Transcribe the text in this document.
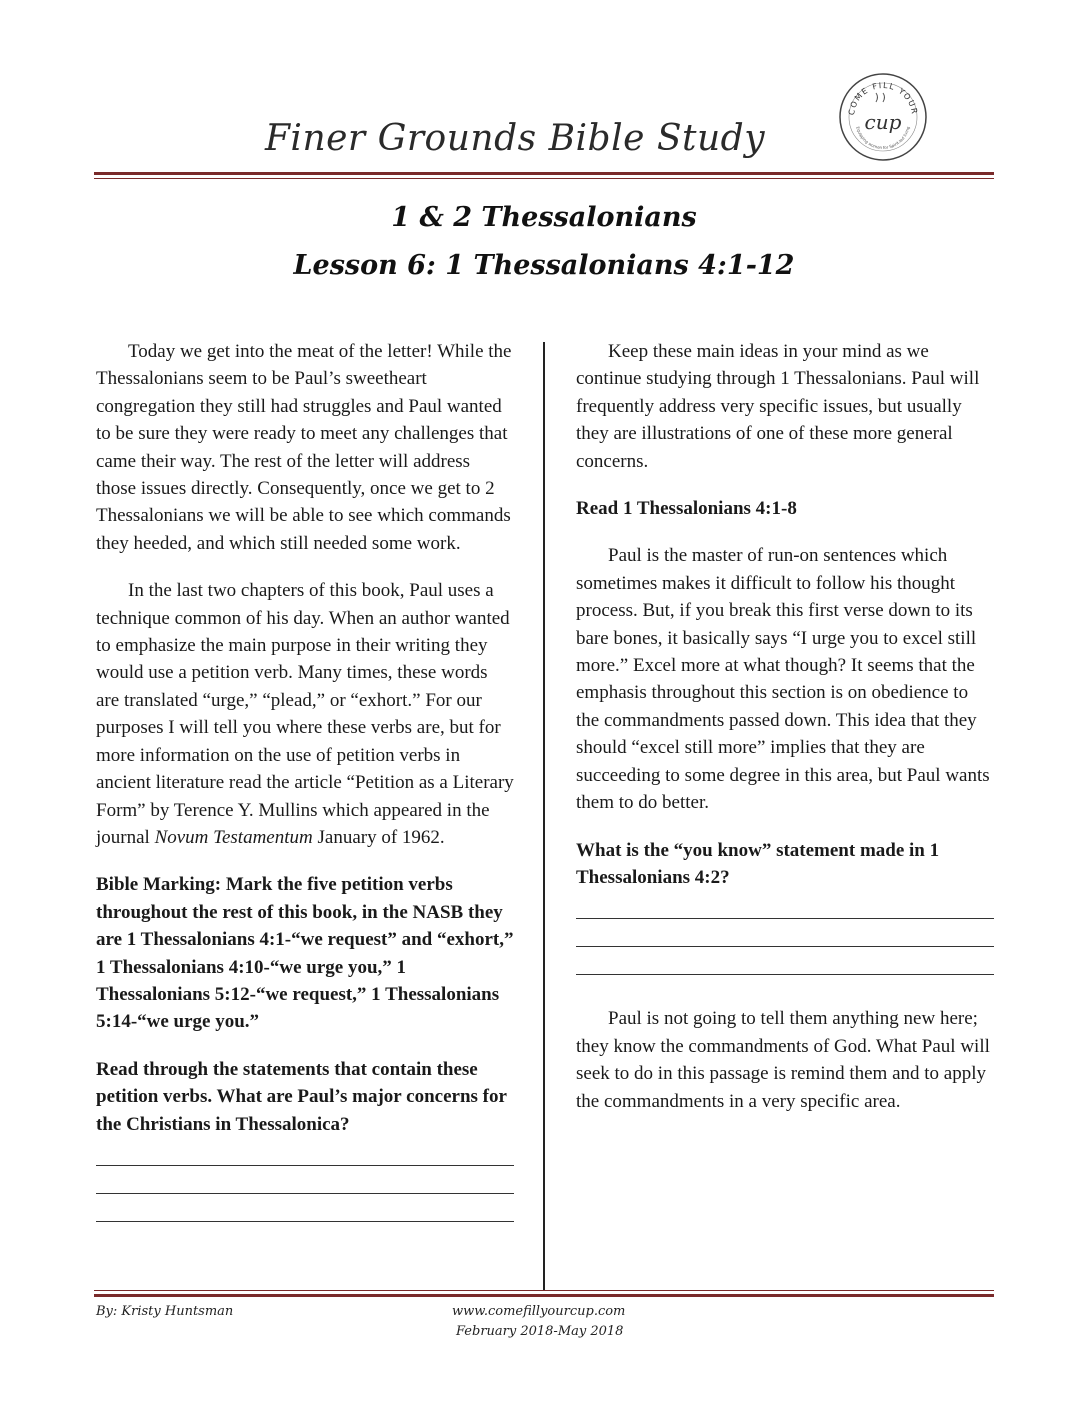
COME FILL YOUR
Equipping women for Spirit-led living
cup
Finer Grounds Bible Study
1 & 2 Thessalonians
Lesson 6: 1 Thessalonians 4:1-12

Today we get into the meat of the letter! While the Thessalonians seem to be Paul’s sweetheart congregation they still had struggles and Paul wanted to be sure they were ready to meet any challenges that came their way. The rest of the letter will address those issues directly. Consequently, once we get to 2 Thessalonians we will be able to see which commands they heeded, and which still needed some work.

In the last two chapters of this book, Paul uses a technique common of his day. When an author wanted to emphasize the main purpose in their writing they would use a petition verb. Many times, these words are translated “urge,” “plead,” or “exhort.” For our purposes I will tell you where these verbs are, but for more information on the use of petition verbs in ancient literature read the article “Petition as a Literary Form” by Terence Y. Mullins which appeared in the journal Novum Testamentum January of 1962.

Bible Marking: Mark the five petition verbs throughout the rest of this book, in the NASB they are 1 Thessalonians 4:1-“we request” and “exhort,” 1 Thessalonians 4:10-“we urge you,” 1 Thessalonians 5:12-“we request,” 1 Thessalonians 5:14-“we urge you.”

Read through the statements that contain these petition verbs. What are Paul’s major concerns for the Christians in Thessalonica?

Keep these main ideas in your mind as we continue studying through 1 Thessalonians. Paul will frequently address very specific issues, but usually they are illustrations of one of these more general concerns.

Read 1 Thessalonians 4:1-8

Paul is the master of run-on sentences which sometimes makes it difficult to follow his thought process. But, if you break this first verse down to its bare bones, it basically says “I urge you to excel still more.” Excel more at what though? It seems that the emphasis throughout this section is on obedience to the commandments passed down. This idea that they should “excel still more” implies that they are succeeding to some degree in this area, but Paul wants them to do better.

What is the “you know” statement made in 1 Thessalonians 4:2?

Paul is not going to tell them anything new here; they know the commandments of God. What Paul will seek to do in this passage is remind them and to apply the commandments in a very specific area.

By: Kristy Huntsman	www.comefillyourcup.com
February 2018-May 2018
